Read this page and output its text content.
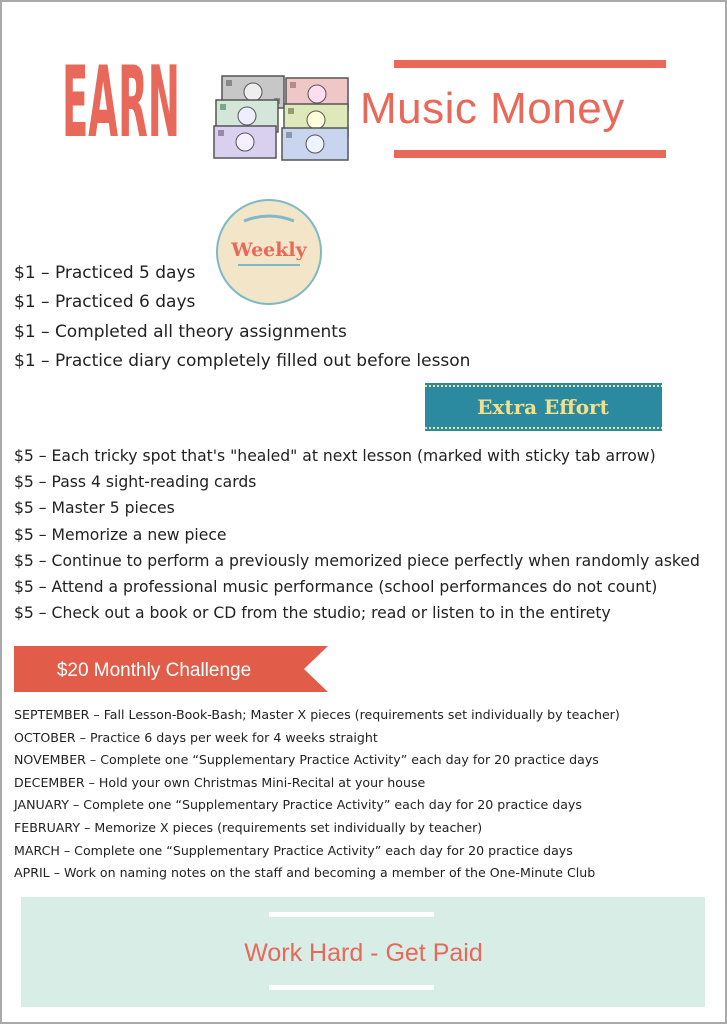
EARN	Music Money
Weekly
$1 – Practiced 5 days
$1 – Practiced 6 days
$1 – Completed all theory assignments
$1 – Practice diary completely filled out before lesson
Extra Effort
$5 – Each tricky spot that's "healed" at next lesson (marked with sticky tab arrow)
$5 – Pass 4 sight-reading cards
$5 – Master 5 pieces
$5 – Memorize a new piece
$5 – Continue to perform a previously memorized piece perfectly when randomly asked
$5 – Attend a professional music performance (school performances do not count)
$5 – Check out a book or CD from the studio; read or listen to in the entirety
$20 Monthly Challenge
SEPTEMBER – Fall Lesson-Book-Bash; Master X pieces (requirements set individually by teacher)
OCTOBER – Practice 6 days per week for 4 weeks straight
NOVEMBER – Complete one “Supplementary Practice Activity” each day for 20 practice days
DECEMBER – Hold your own Christmas Mini-Recital at your house
JANUARY – Complete one “Supplementary Practice Activity” each day for 20 practice days
FEBRUARY – Memorize X pieces (requirements set individually by teacher)
MARCH – Complete one “Supplementary Practice Activity” each day for 20 practice days
APRIL – Work on naming notes on the staff and becoming a member of the One-Minute Club
Work Hard - Get Paid
